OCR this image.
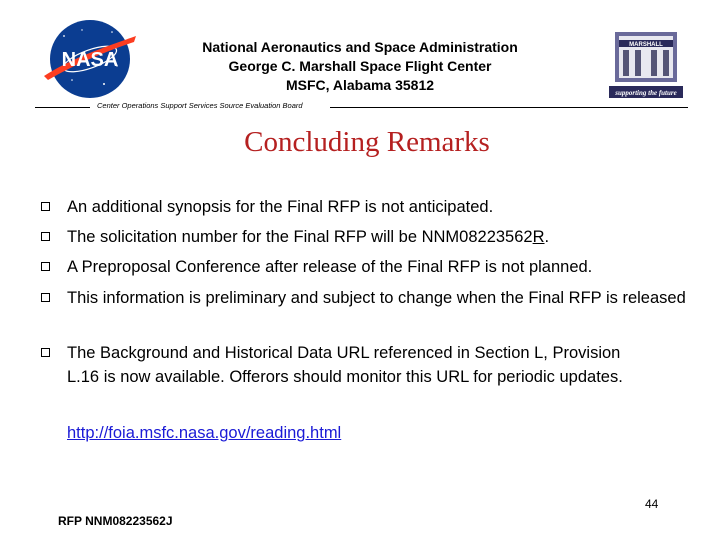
NASA
National Aeronautics and Space Administration
George C. Marshall Space Flight Center
MSFC, Alabama 35812
MARSHALL
supporting the future
Center Operations Support Services Source Evaluation Board
Concluding Remarks
An additional synopsis for the Final RFP is not anticipated.
The solicitation number for the Final RFP will be NNM08223562R.
A Preproposal Conference after release of the Final RFP is not planned.
This information is preliminary and subject to change when the Final RFP is released
The Background and Historical Data URL referenced in Section L, Provision L.16 is now available. Offerors should monitor this URL for periodic updates.
http://foia.msfc.nasa.gov/reading.html
44
RFP NNM08223562J
